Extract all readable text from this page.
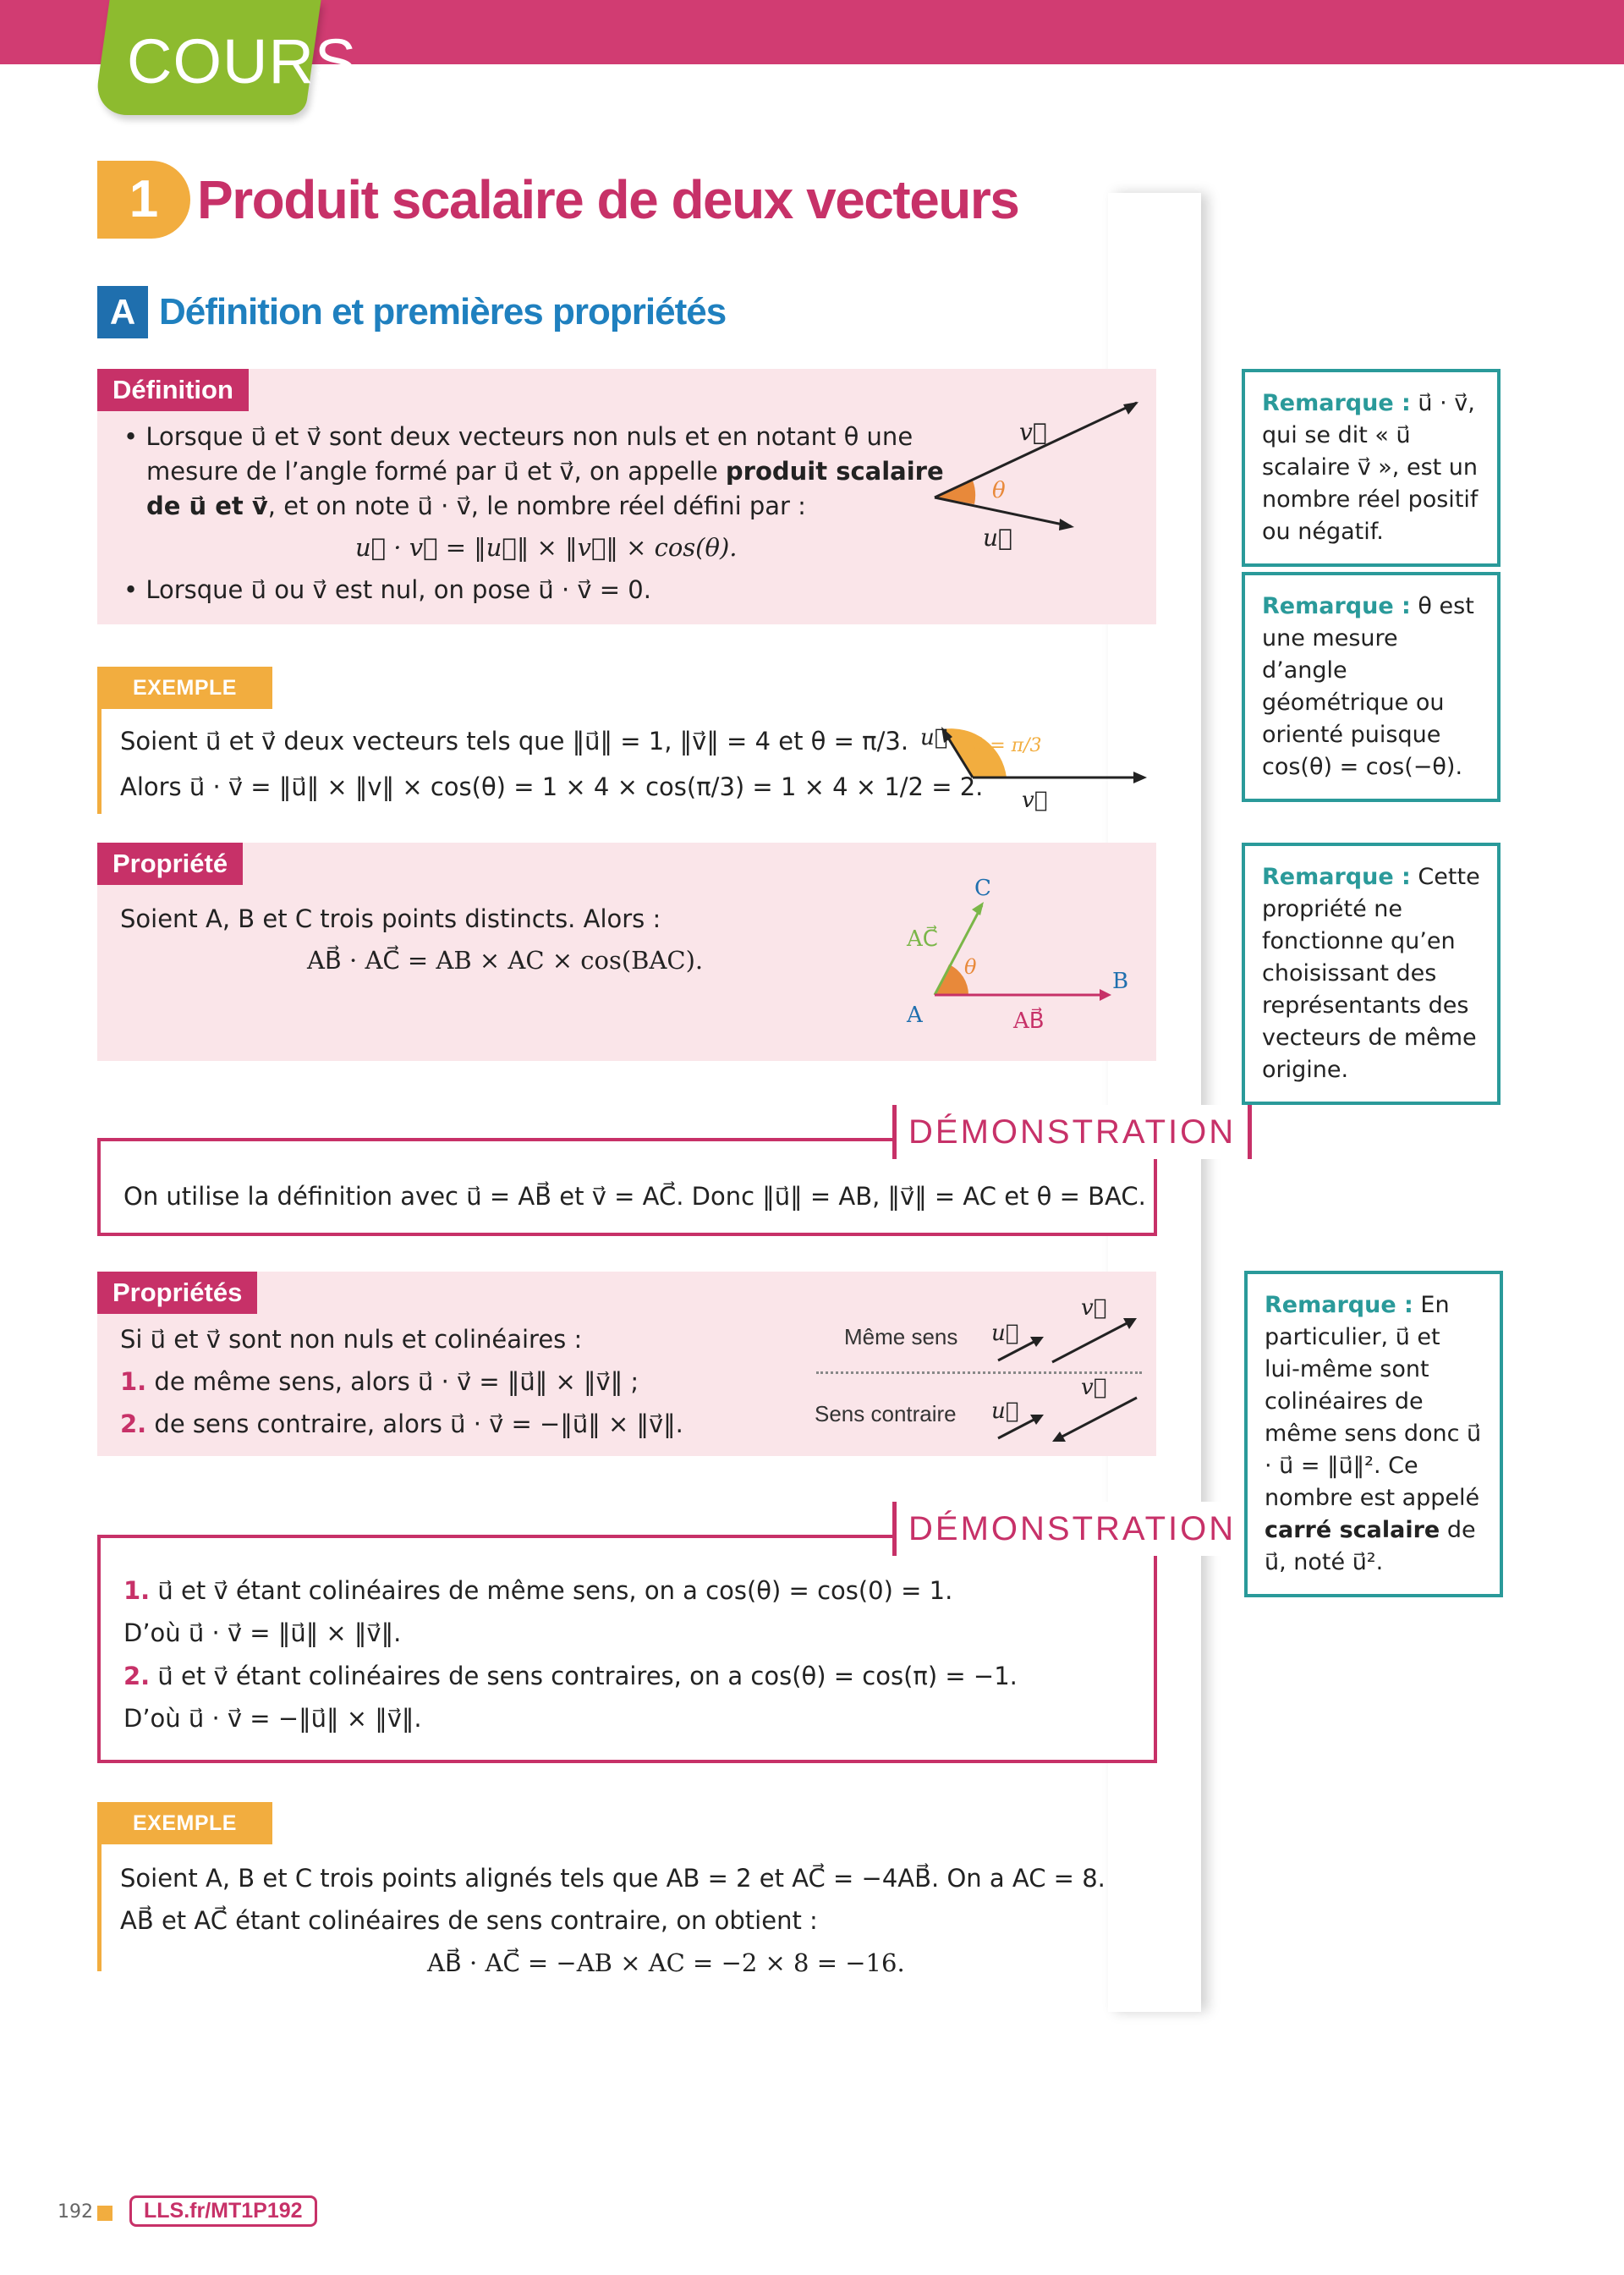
COURS
1 Produit scalaire de deux vecteurs
A Définition et premières propriétés
Définition
• Lorsque u⃗ et v⃗ sont deux vecteurs non nuls et en notant θ une
mesure de l’angle formé par u⃗ et v⃗, on appelle produit scalaire
de u⃗ et v⃗, et on note u⃗ · v⃗, le nombre réel défini par :
u⃗ · v⃗ = ‖u⃗‖ × ‖v⃗‖ × cos(θ).
• Lorsque u⃗ ou v⃗ est nul, on pose u⃗ · v⃗ = 0.
v⃗
θ
u⃗
EXEMPLE
Soient u⃗ et v⃗ deux vecteurs tels que ‖u⃗‖ = 1, ‖v⃗‖ = 4 et θ = π/3.
Alors u⃗ · v⃗ = ‖u⃗‖ × ‖v‖ × cos(θ) = 1 × 4 × cos(π/3) = 1 × 4 × 1/2 = 2.
u⃗ θ = π/3
v⃗
Propriété
Soient A, B et C trois points distincts. Alors :
AB⃗ · AC⃗ = AB × AC × cos(BAC).
C
A
B
AC⃗
AB⃗
θ
DÉMONSTRATION
On utilise la définition avec u⃗ = AB⃗ et v⃗ = AC⃗. Donc ‖u⃗‖ = AB, ‖v⃗‖ = AC et θ = BAC.
Propriétés
Si u⃗ et v⃗ sont non nuls et colinéaires :
1. de même sens, alors u⃗ · v⃗ = ‖u⃗‖ × ‖v⃗‖ ;
2. de sens contraire, alors u⃗ · v⃗ = −‖u⃗‖ × ‖v⃗‖.
Même sens
Sens contraire
u⃗
v⃗
u⃗
v⃗
DÉMONSTRATION
1. u⃗ et v⃗ étant colinéaires de même sens, on a cos(θ) = cos(0) = 1.
D’où u⃗ · v⃗ = ‖u⃗‖ × ‖v⃗‖.
2. u⃗ et v⃗ étant colinéaires de sens contraires, on a cos(θ) = cos(π) = −1.
D’où u⃗ · v⃗ = −‖u⃗‖ × ‖v⃗‖.
EXEMPLE
Soient A, B et C trois points alignés tels que AB = 2 et AC⃗ = −4AB⃗. On a AC = 8.
AB⃗ et AC⃗ étant colinéaires de sens contraire, on obtient :
AB⃗ · AC⃗ = −AB × AC = −2 × 8 = −16.
Remarque : u⃗ · v⃗, qui se dit « u⃗ scalaire v⃗ », est un nombre réel positif ou négatif.
Remarque : θ est une mesure d’angle géométrique ou orienté puisque cos(θ) = cos(−θ).
Remarque : Cette propriété ne fonctionne qu’en choisissant des représentants des vecteurs de même origine.
Remarque : En particulier, u⃗ et lui-même sont colinéaires de même sens donc u⃗ · u⃗ = ‖u⃗‖². Ce nombre est appelé carré scalaire de u⃗, noté u⃗².
192	LLS.fr/MT1P192
